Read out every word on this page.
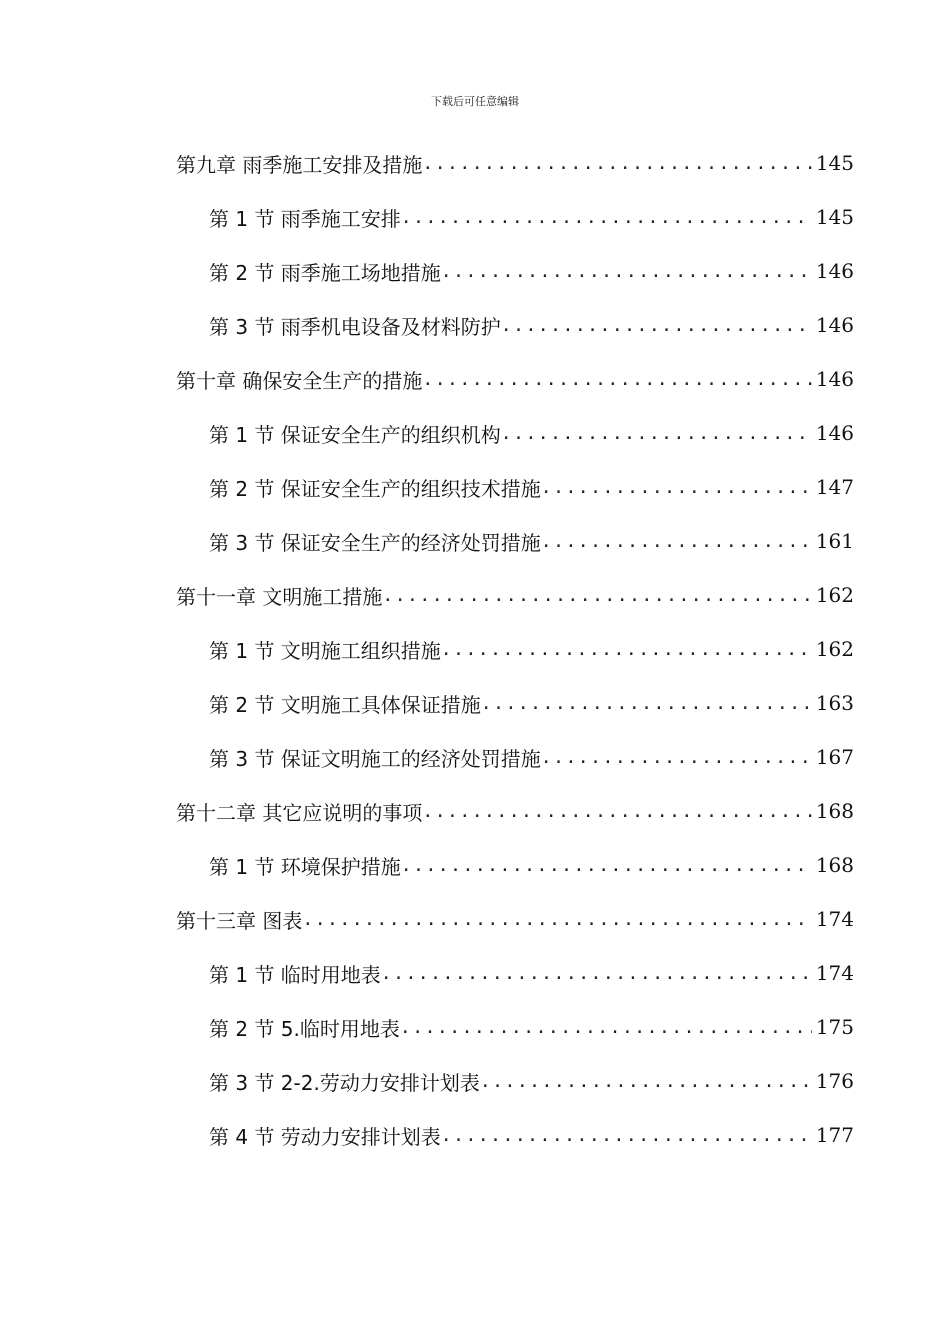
下载后可任意编辑
第九章 雨季施工安排及措施 .....	145
第 1 节 雨季施工安排 .....	145
第 2 节 雨季施工场地措施 .....	146
第 3 节 雨季机电设备及材料防护 .....	146
第十章 确保安全生产的措施 .....	146
第 1 节 保证安全生产的组织机构 .....	146
第 2 节 保证安全生产的组织技术措施 .....	147
第 3 节 保证安全生产的经济处罚措施 .....	161
第十一章 文明施工措施 .....	162
第 1 节 文明施工组织措施 .....	162
第 2 节 文明施工具体保证措施 .....	163
第 3 节 保证文明施工的经济处罚措施 .....	167
第十二章 其它应说明的事项 .....	168
第 1 节 环境保护措施 .....	168
第十三章 图表 .....	174
第 1 节 临时用地表 .....	174
第 2 节 5.临时用地表 .....	175
第 3 节 2-2.劳动力安排计划表 .....	176
第 4 节 劳动力安排计划表 .....	177
